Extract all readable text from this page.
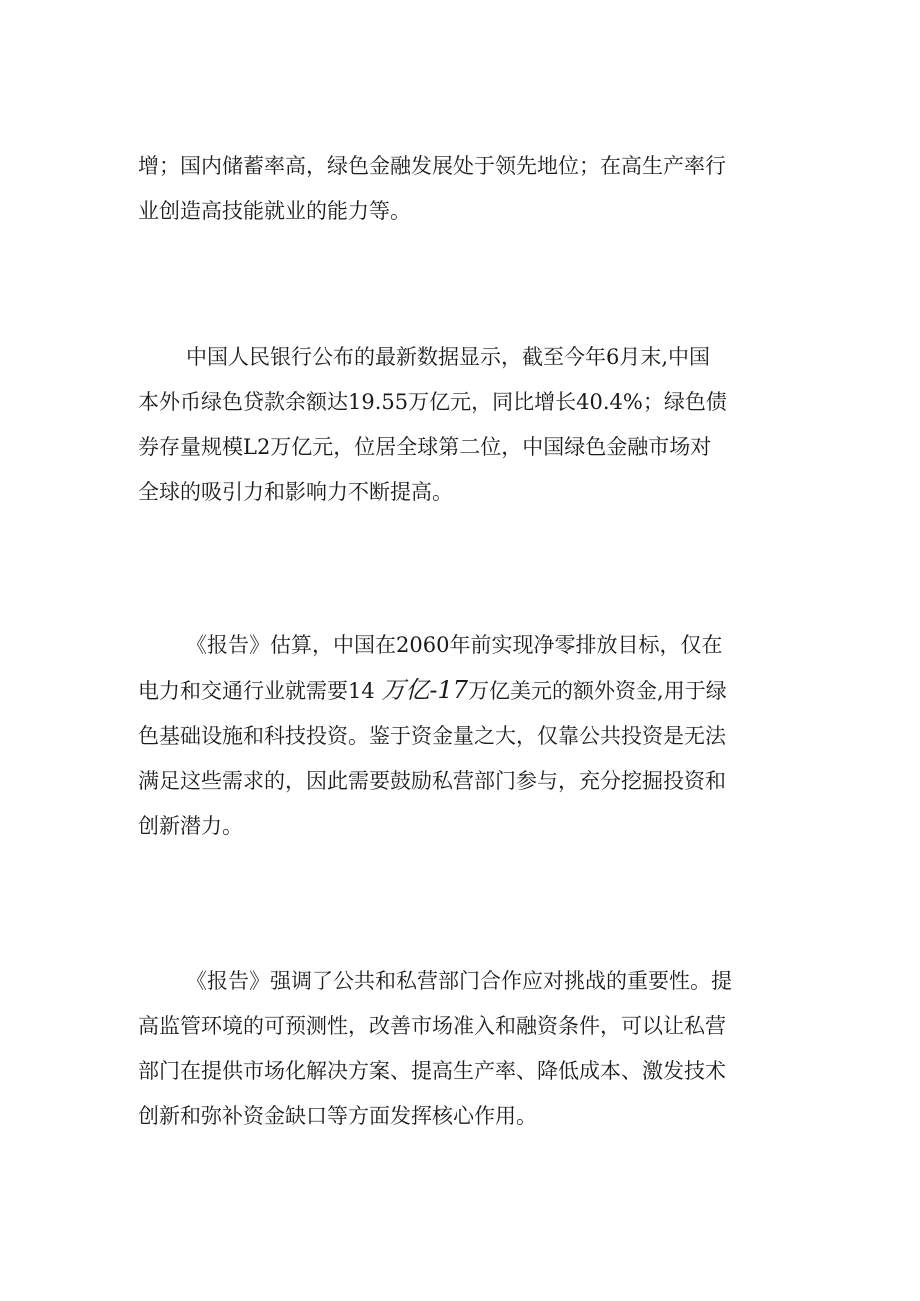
增；国内储蓄率高，绿色金融发展处于领先地位；在高生产率行
业创造高技能就业的能力等。

中国人民银行公布的最新数据显示，截至今年6月末,中国
本外币绿色贷款余额达19.55万亿元，同比增长40.4%；绿色债
券存量规模L2万亿元，位居全球第二位，中国绿色金融市场对
全球的吸引力和影响力不断提高。

《报告》估算，中国在2060年前实现净零排放目标，仅在
电力和交通行业就需要14 万亿-17万亿美元的额外资金,用于绿
色基础设施和科技投资。鉴于资金量之大，仅靠公共投资是无法
满足这些需求的，因此需要鼓励私营部门参与，充分挖掘投资和
创新潜力。

《报告》强调了公共和私营部门合作应对挑战的重要性。提
高监管环境的可预测性，改善市场准入和融资条件，可以让私营
部门在提供市场化解决方案、提高生产率、降低成本、激发技术
创新和弥补资金缺口等方面发挥核心作用。
